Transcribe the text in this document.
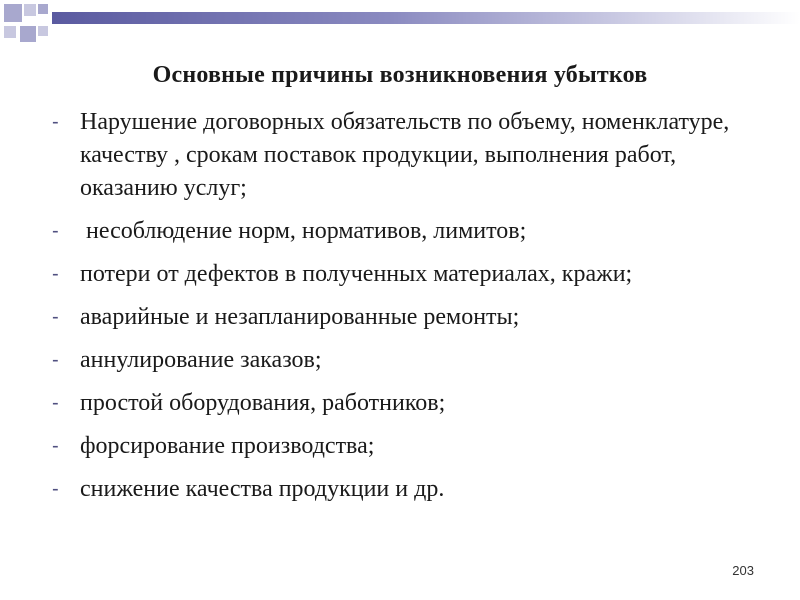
Основные причины возникновения убытков
- Нарушение договорных обязательств по объему, номенклатуре, качеству , срокам поставок продукции, выполнения работ, оказанию услуг;
- несоблюдение норм, нормативов, лимитов;
- потери от дефектов в полученных материалах, кражи;
- аварийные и незапланированные ремонты;
- аннулирование заказов;
- простой оборудования, работников;
- форсирование производства;
- снижение качества продукции и др.
203
